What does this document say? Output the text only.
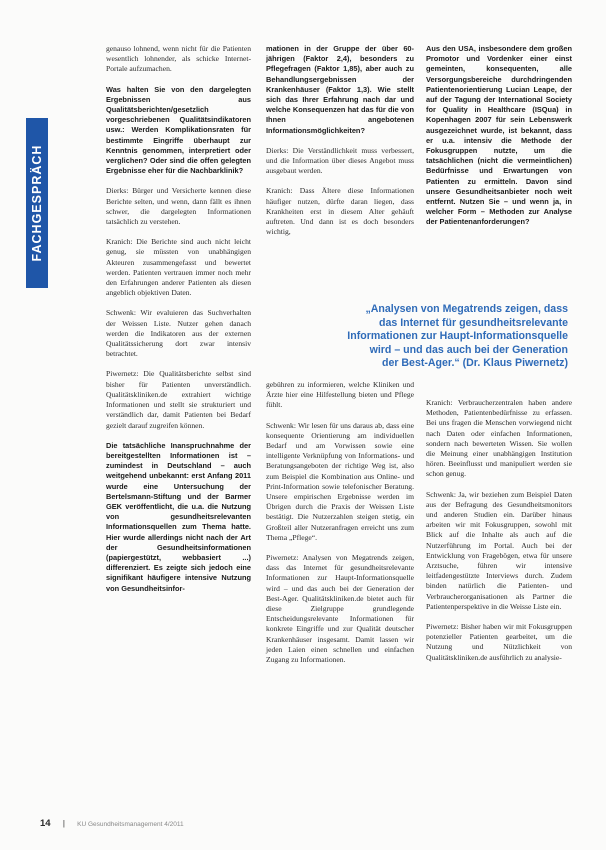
FACHGESPRÄCH

genauso lohnend, wenn nicht für die Patienten wesentlich lohnender, als schicke Internet-Portale aufzumachen.

Was halten Sie von den dargelegten Ergebnissen aus Qualitätsberichten/gesetzlich vorgeschriebenen Qualitätsindikatoren usw.: Werden Komplikationsraten für bestimmte Eingriffe überhaupt zur Kenntnis genommen, interpretiert oder verglichen? Oder sind die offen gelegten Ergebnisse eher für die Nachbarklinik?

Dierks: Bürger und Versicherte kennen diese Berichte selten, und wenn, dann fällt es ihnen schwer, die dargelegten Informationen tatsächlich zu verstehen.

Kranich: Die Berichte sind auch nicht leicht genug, sie müssten von unabhängigen Akteuren zusammengefasst und bewertet werden. Patienten vertrauen immer noch mehr den Erfahrungen anderer Patienten als diesen angeblich objektiven Daten.

Schwenk: Wir evaluieren das Suchverhalten der Weissen Liste. Nutzer gehen danach werden die Indikatoren aus der externen Qualitätssicherung dort zwar intensiv betrachtet.

Piwernetz: Die Qualitätsberichte selbst sind bisher für Patienten unverständlich. Qualitätskliniken.de extrahiert wichtige Informationen und stellt sie strukturiert und verständlich dar, damit Patienten bei Bedarf gezielt darauf zugreifen können.

Die tatsächliche Inanspruchnahme der bereitgestellten Informationen ist – zumindest in Deutschland – auch weitgehend unbekannt: erst Anfang 2011 wurde eine Untersuchung der Bertelsmann-Stiftung und der Barmer GEK veröffentlicht, die u.a. die Nutzung von gesundheitsrelevanten Informationsquellen zum Thema hatte. Hier wurde allerdings nicht nach der Art der Gesundheitsinformationen (papiergestützt, webbasiert ...) differenziert. Es zeigte sich jedoch eine signifikant häufigere intensive Nutzung von Gesundheitsinfor-

mationen in der Gruppe der über 60-jährigen (Faktor 2,4), besonders zu Pflegefragen (Faktor 1,85), aber auch zu Behandlungsergebnissen der Krankenhäuser (Faktor 1,3). Wie stellt sich das Ihrer Erfahrung nach dar und welche Konsequenzen hat das für die von Ihnen angebotenen Informationsmöglichkeiten?

Dierks: Die Verständlichkeit muss verbessert, und die Information über dieses Angebot muss ausgebaut werden.

Kranich: Dass Ältere diese Informationen häufiger nutzen, dürfte daran liegen, dass Krankheiten erst in diesem Alter gehäuft auftreten. Und dann ist es doch besonders wichtig,

„Analysen von Megatrends zeigen, dass
das Internet für gesundheitsrelevante
Informationen zur Haupt-Informationsquelle
wird – und das auch bei der Generation
der Best-Ager.“ (Dr. Klaus Piwernetz)

gebühren zu informieren, welche Kliniken und Ärzte hier eine Hilfestellung bieten und Pflege fühlt.

Schwenk: Wir lesen für uns daraus ab, dass eine konsequente Orientierung am individuellen Bedarf und am Vorwissen sowie eine intelligente Verknüpfung von Informations- und Beratungsangeboten der richtige Weg ist, also zum Beispiel die Kombination aus Online- und Print-Information sowie telefonischer Beratung. Unsere empirischen Ergebnisse werden im Übrigen durch die Praxis der Weissen Liste bestätigt. Die Nutzerzahlen steigen stetig, ein Großteil aller Nutzeranfragen erreicht uns zum Thema „Pflege“.

Piwernetz: Analysen von Megatrends zeigen, dass das Internet für gesundheitsrelevante Informationen zur Haupt-Informationsquelle wird – und das auch bei der Generation der Best-Ager. Qualitätskliniken.de bietet auch für diese Zielgruppe grundlegende Entscheidungsrelevante Informationen für konkrete Eingriffe und zur Qualität deutscher Krankenhäuser insgesamt. Damit lassen wir jeden Laien einen schnellen und einfachen Zugang zu Informationen.

Aus den USA, insbesondere dem großen Promotor und Vordenker einer einst gemeinten, konsequenten, alle Versorgungsbereiche durchdringenden Patientenorientierung Lucian Leape, der auf der Tagung der International Society for Quality in Healthcare (ISQua) in Kopenhagen 2007 für sein Lebenswerk ausgezeichnet wurde, ist bekannt, dass er u.a. intensiv die Methode der Fokusgruppen nutzte, um die tatsächlichen (nicht die vermeintlichen) Bedürfnisse und Erwartungen von Patienten zu ermitteln. Davon sind unsere Gesundheitsanbieter noch weit entfernt. Nutzen Sie – und wenn ja, in welcher Form – Methoden zur Analyse der Patientenanforderungen?

Kranich: Verbraucherzentralen haben andere Methoden, Patientenbedürfnisse zu erfassen. Bei uns fragen die Menschen vorwiegend nicht nach Daten oder einfachen Informationen, sondern nach bewerteten Wissen. Sie wollen die Meinung einer unabhängigen Institution hören. Beeinflusst und manipuliert werden sie schon genug.

Schwenk: Ja, wir beziehen zum Beispiel Daten aus der Befragung des Gesundheitsmonitors und anderen Studien ein. Darüber hinaus arbeiten wir mit Fokusgruppen, sowohl mit Blick auf die Inhalte als auch auf die Nutzerführung im Portal. Auch bei der Entwicklung von Fragebögen, etwa für unsere Arztsuche, führen wir intensive leitfadengestützte Interviews durch. Zudem binden natürlich die Patienten- und Verbraucherorganisationen als Partner die Patientenperspektive in die Weisse Liste ein.

Piwernetz: Bisher haben wir mit Fokusgruppen potenzieller Patienten gearbeitet, um die Nutzung und Nützlichkeit von Qualitätskliniken.de ausführlich zu analysie-

14 | KU Gesundheitsmanagement 4/2011
